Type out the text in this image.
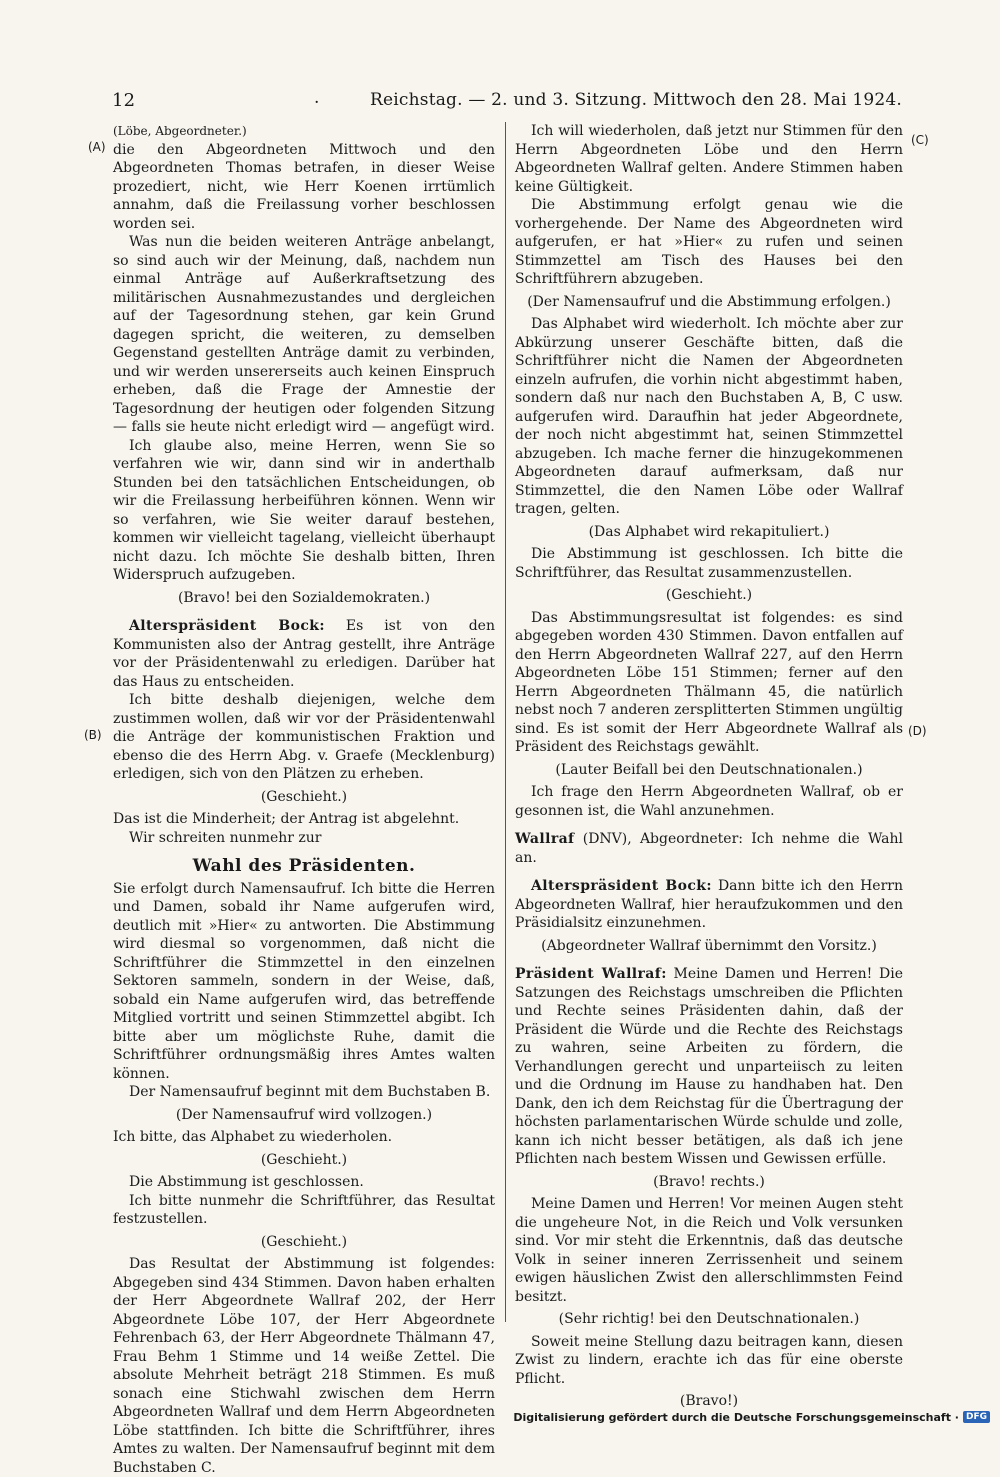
12	.	Reichstag. — 2. und 3. Sitzung. Mittwoch den 28. Mai 1924.
(A)
(B)
(C)
(D)

(Löbe, Abgeordneter.)

die den Abgeordneten Mittwoch und den Abgeordneten Thomas betrafen, in dieser Weise prozediert, nicht, wie Herr Koenen irrtümlich annahm, daß die Freilassung vorher beschlossen worden sei.

Was nun die beiden weiteren Anträge anbelangt, so sind auch wir der Meinung, daß, nachdem nun einmal Anträge auf Außerkraftsetzung des militärischen Ausnahmezustandes und dergleichen auf der Tagesordnung stehen, gar kein Grund dagegen spricht, die weiteren, zu demselben Gegenstand gestellten Anträge damit zu verbinden, und wir werden unsererseits auch keinen Einspruch erheben, daß die Frage der Amnestie der Tagesordnung der heutigen oder folgenden Sitzung — falls sie heute nicht erledigt wird — angefügt wird.

Ich glaube also, meine Herren, wenn Sie so verfahren wie wir, dann sind wir in anderthalb Stunden bei den tatsächlichen Entscheidungen, ob wir die Freilassung herbeiführen können. Wenn wir so verfahren, wie Sie weiter darauf bestehen, kommen wir vielleicht tagelang, vielleicht überhaupt nicht dazu. Ich möchte Sie deshalb bitten, Ihren Widerspruch aufzugeben.

(Bravo! bei den Sozialdemokraten.)

Alterspräsident Bock: Es ist von den Kommunisten also der Antrag gestellt, ihre Anträge vor der Präsidentenwahl zu erledigen. Darüber hat das Haus zu entscheiden.

Ich bitte deshalb diejenigen, welche dem zustimmen wollen, daß wir vor der Präsidentenwahl die Anträge der kommunistischen Fraktion und ebenso die des Herrn Abg. v. Graefe (Mecklenburg) erledigen, sich von den Plätzen zu erheben.

(Geschieht.)

Das ist die Minderheit; der Antrag ist abgelehnt.

Wir schreiten nunmehr zur

Wahl des Präsidenten.

Sie erfolgt durch Namensaufruf. Ich bitte die Herren und Damen, sobald ihr Name aufgerufen wird, deutlich mit »Hier« zu antworten. Die Abstimmung wird diesmal so vorgenommen, daß nicht die Schriftführer die Stimmzettel in den einzelnen Sektoren sammeln, sondern in der Weise, daß, sobald ein Name aufgerufen wird, das betreffende Mitglied vortritt und seinen Stimmzettel abgibt. Ich bitte aber um möglichste Ruhe, damit die Schriftführer ordnungsmäßig ihres Amtes walten können.

Der Namensaufruf beginnt mit dem Buchstaben B.

(Der Namensaufruf wird vollzogen.)

Ich bitte, das Alphabet zu wiederholen.

(Geschieht.)

Die Abstimmung ist geschlossen.

Ich bitte nunmehr die Schriftführer, das Resultat festzustellen.

(Geschieht.)

Das Resultat der Abstimmung ist folgendes: Abgegeben sind 434 Stimmen. Davon haben erhalten der Herr Abgeordnete Wallraf 202, der Herr Abgeordnete Löbe 107, der Herr Abgeordnete Fehrenbach 63, der Herr Abgeordnete Thälmann 47, Frau Behm 1 Stimme und 14 weiße Zettel. Die absolute Mehrheit beträgt 218 Stimmen. Es muß sonach eine Stichwahl zwischen dem Herrn Abgeordneten Wallraf und dem Herrn Abgeordneten Löbe stattfinden. Ich bitte die Schriftführer, ihres Amtes zu walten. Der Namensaufruf beginnt mit dem Buchstaben C.

Ich will wiederholen, daß jetzt nur Stimmen für den Herrn Abgeordneten Löbe und den Herrn Abgeordneten Wallraf gelten. Andere Stimmen haben keine Gültigkeit.

Die Abstimmung erfolgt genau wie die vorhergehende. Der Name des Abgeordneten wird aufgerufen, er hat »Hier« zu rufen und seinen Stimmzettel am Tisch des Hauses bei den Schriftführern abzugeben.

(Der Namensaufruf und die Abstimmung erfolgen.)

Das Alphabet wird wiederholt. Ich möchte aber zur Abkürzung unserer Geschäfte bitten, daß die Schriftführer nicht die Namen der Abgeordneten einzeln aufrufen, die vorhin nicht abgestimmt haben, sondern daß nur nach den Buchstaben A, B, C usw. aufgerufen wird. Daraufhin hat jeder Abgeordnete, der noch nicht abgestimmt hat, seinen Stimmzettel abzugeben. Ich mache ferner die hinzugekommenen Abgeordneten darauf aufmerksam, daß nur Stimmzettel, die den Namen Löbe oder Wallraf tragen, gelten.

(Das Alphabet wird rekapituliert.)

Die Abstimmung ist geschlossen. Ich bitte die Schriftführer, das Resultat zusammenzustellen.

(Geschieht.)

Das Abstimmungsresultat ist folgendes: es sind abgegeben worden 430 Stimmen. Davon entfallen auf den Herrn Abgeordneten Wallraf 227, auf den Herrn Abgeordneten Löbe 151 Stimmen; ferner auf den Herrn Abgeordneten Thälmann 45, die natürlich nebst noch 7 anderen zersplitterten Stimmen ungültig sind. Es ist somit der Herr Abgeordnete Wallraf als Präsident des Reichstags gewählt.

(Lauter Beifall bei den Deutschnationalen.)

Ich frage den Herrn Abgeordneten Wallraf, ob er gesonnen ist, die Wahl anzunehmen.

Wallraf (DNV), Abgeordneter: Ich nehme die Wahl an.

Alterspräsident Bock: Dann bitte ich den Herrn Abgeordneten Wallraf, hier heraufzukommen und den Präsidialsitz einzunehmen.

(Abgeordneter Wallraf übernimmt den Vorsitz.)

Präsident Wallraf: Meine Damen und Herren! Die Satzungen des Reichstags umschreiben die Pflichten und Rechte seines Präsidenten dahin, daß der Präsident die Würde und die Rechte des Reichstags zu wahren, seine Arbeiten zu fördern, die Verhandlungen gerecht und unparteiisch zu leiten und die Ordnung im Hause zu handhaben hat. Den Dank, den ich dem Reichstag für die Übertragung der höchsten parlamentarischen Würde schulde und zolle, kann ich nicht besser betätigen, als daß ich jene Pflichten nach bestem Wissen und Gewissen erfülle.

(Bravo! rechts.)

Meine Damen und Herren! Vor meinen Augen steht die ungeheure Not, in die Reich und Volk versunken sind. Vor mir steht die Erkenntnis, daß das deutsche Volk in seiner inneren Zerrissenheit und seinem ewigen häuslichen Zwist den allerschlimmsten Feind besitzt.

(Sehr richtig! bei den Deutschnationalen.)

Soweit meine Stellung dazu beitragen kann, diesen Zwist zu lindern, erachte ich das für eine oberste Pflicht.

(Bravo!)

Digitalisierung gefördert durch die Deutsche Forschungsgemeinschaft · DFG
